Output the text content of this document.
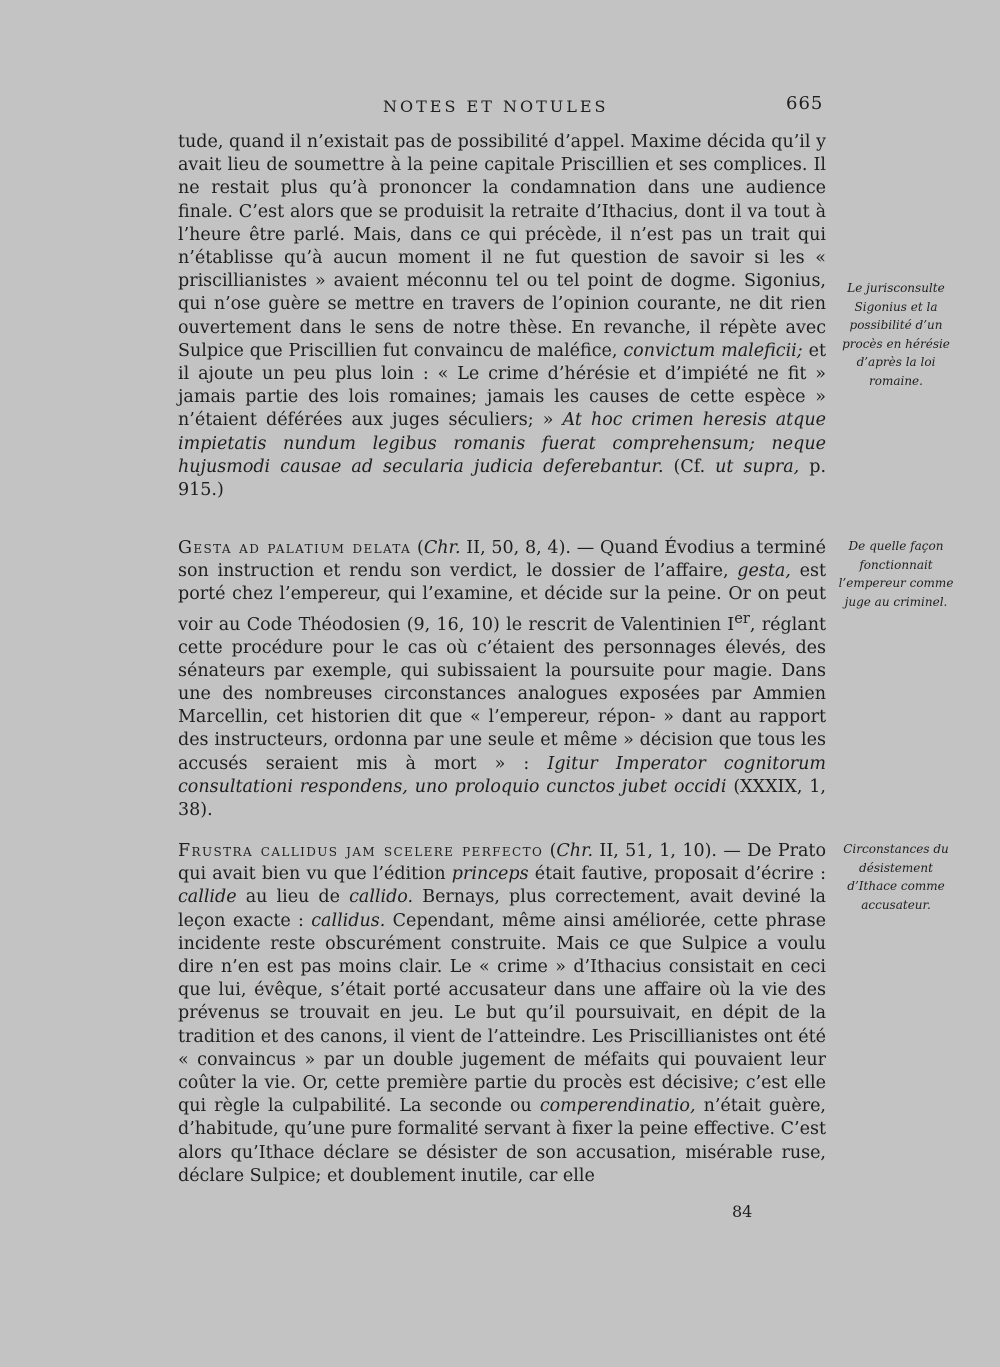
NOTES ET NOTULES	665

tude, quand il n’existait pas de possibilité d’appel. Maxime décida qu’il y avait lieu de soumettre à la peine capitale Priscillien et ses complices. Il ne restait plus qu’à prononcer la condamnation dans une audience finale. C’est alors que se produisit la retraite d’Ithacius, dont il va tout à l’heure être parlé. Mais, dans ce qui précède, il n’est pas un trait qui n’établisse qu’à aucun moment il ne fut question de savoir si les « priscillianistes » avaient méconnu tel ou tel point de dogme. Sigonius, qui n’ose guère se mettre en travers de l’opinion courante, ne dit rien ouvertement dans le sens de notre thèse. En revanche, il répète avec Sulpice que Priscillien fut convaincu de maléfice, convictum maleficii; et il ajoute un peu plus loin : « Le crime d’hérésie et d’impiété ne fit » jamais partie des lois romaines; jamais les causes de cette espèce » n’étaient déférées aux juges séculiers; » At hoc crimen heresis atque impietatis nundum legibus romanis fuerat comprehensum; neque hujusmodi causae ad secularia judicia deferebantur. (Cf. ut supra, p. 915.)

Gesta ad palatium delata (Chr. II, 50, 8, 4). — Quand Évodius a terminé son instruction et rendu son verdict, le dossier de l’affaire, gesta, est porté chez l’empereur, qui l’examine, et décide sur la peine. Or on peut voir au Code Théodosien (9, 16, 10) le rescrit de Valentinien Ier, réglant cette procédure pour le cas où c’étaient des personnages élevés, des sénateurs par exemple, qui subissaient la poursuite pour magie. Dans une des nombreuses circonstances analogues exposées par Ammien Marcellin, cet historien dit que « l’empereur, répon- » dant au rapport des instructeurs, ordonna par une seule et même » décision que tous les accusés seraient mis à mort » : Igitur Imperator cognitorum consultationi respondens, uno proloquio cunctos jubet occidi (XXXIX, 1, 38).

Frustra callidus jam scelere perfecto (Chr. II, 51, 1, 10). — De Prato qui avait bien vu que l’édition princeps était fautive, proposait d’écrire : callide au lieu de callido. Bernays, plus correctement, avait deviné la leçon exacte : callidus. Cependant, même ainsi améliorée, cette phrase incidente reste obscurément construite. Mais ce que Sulpice a voulu dire n’en est pas moins clair. Le « crime » d’Ithacius consistait en ceci que lui, évêque, s’était porté accusateur dans une affaire où la vie des prévenus se trouvait en jeu. Le but qu’il poursuivait, en dépit de la tradition et des canons, il vient de l’atteindre. Les Priscillianistes ont été « convaincus » par un double jugement de méfaits qui pouvaient leur coûter la vie. Or, cette première partie du procès est décisive; c’est elle qui règle la culpabilité. La seconde ou comperendinatio, n’était guère, d’habitude, qu’une pure formalité servant à fixer la peine effective. C’est alors qu’Ithace déclare se désister de son accusation, misérable ruse, déclare Sulpice; et doublement inutile, car elle

Le jurisconsulte Sigonius et la possibilité d’un procès en hérésie d’après la loi romaine.
De quelle façon fonctionnait l’empereur comme juge au criminel.
Circonstances du désistement d’Ithace comme accusateur.
84
